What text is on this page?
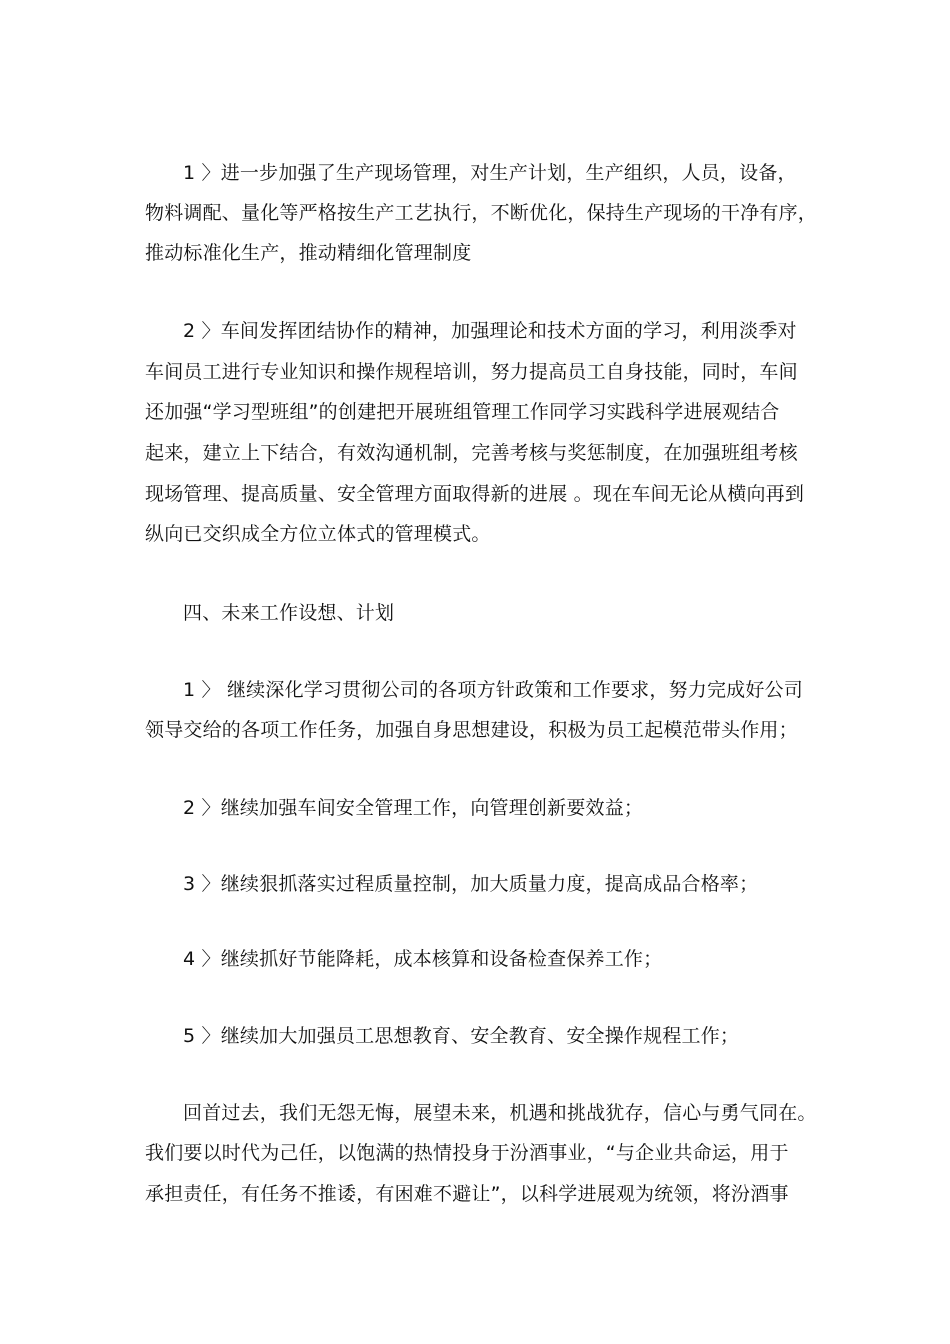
1 〉进一步加强了生产现场管理，对生产计划，生产组织，人员，设备，
物料调配、量化等严格按生产工艺执行，不断优化，保持生产现场的干净有序，
推动标准化生产，推动精细化管理制度
2 〉车间发挥团结协作的精神，加强理论和技术方面的学习，利用淡季对
车间员工进行专业知识和操作规程培训，努力提高员工自身技能，同时，车间
还加强“学习型班组”的创建把开展班组管理工作同学习实践科学进展观结合
起来，建立上下结合，有效沟通机制，完善考核与奖惩制度，在加强班组考核
现场管理、提高质量、安全管理方面取得新的进展 。现在车间无论从横向再到
纵向已交织成全方位立体式的管理模式。
四、未来工作设想、计划
1 〉 继续深化学习贯彻公司的各项方针政策和工作要求，努力完成好公司
领导交给的各项工作任务，加强自身思想建设，积极为员工起模范带头作用；
2 〉继续加强车间安全管理工作，向管理创新要效益；
3 〉继续狠抓落实过程质量控制，加大质量力度，提高成品合格率；
4 〉继续抓好节能降耗，成本核算和设备检查保养工作；
5 〉继续加大加强员工思想教育、安全教育、安全操作规程工作；
回首过去，我们无怨无悔，展望未来，机遇和挑战犹存，信心与勇气同在。
我们要以时代为己任，以饱满的热情投身于汾酒事业，“与企业共命运，用于
承担责任，有任务不推诿，有困难不避让”，以科学进展观为统领，将汾酒事
